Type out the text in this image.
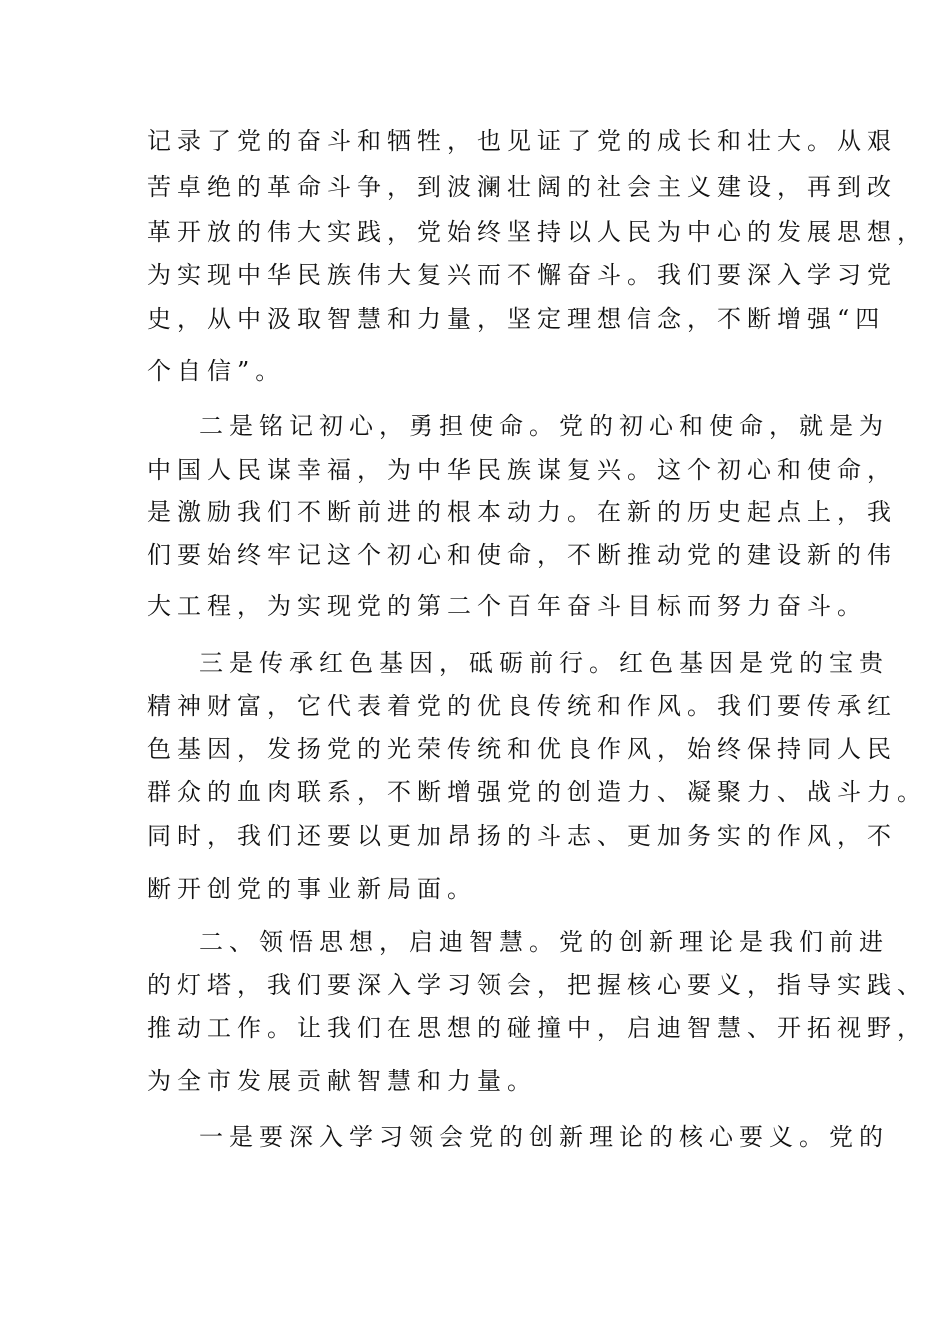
记录了党的奋斗和牺牲，也见证了党的成长和壮大。从艰
苦卓绝的革命斗争，到波澜壮阔的社会主义建设，再到改
革开放的伟大实践，党始终坚持以人民为中心的发展思想，
为实现中华民族伟大复兴而不懈奋斗。我们要深入学习党
史，从中汲取智慧和力量，坚定理想信念，不断增强“四
个自信”。
二是铭记初心，勇担使命。党的初心和使命，就是为
中国人民谋幸福，为中华民族谋复兴。这个初心和使命，
是激励我们不断前进的根本动力。在新的历史起点上，我
们要始终牢记这个初心和使命，不断推动党的建设新的伟
大工程，为实现党的第二个百年奋斗目标而努力奋斗。
三是传承红色基因，砥砺前行。红色基因是党的宝贵
精神财富，它代表着党的优良传统和作风。我们要传承红
色基因，发扬党的光荣传统和优良作风，始终保持同人民
群众的血肉联系，不断增强党的创造力、凝聚力、战斗力。
同时，我们还要以更加昂扬的斗志、更加务实的作风，不
断开创党的事业新局面。
二、领悟思想，启迪智慧。党的创新理论是我们前进
的灯塔，我们要深入学习领会，把握核心要义，指导实践、
推动工作。让我们在思想的碰撞中，启迪智慧、开拓视野，
为全市发展贡献智慧和力量。
一是要深入学习领会党的创新理论的核心要义。党的
